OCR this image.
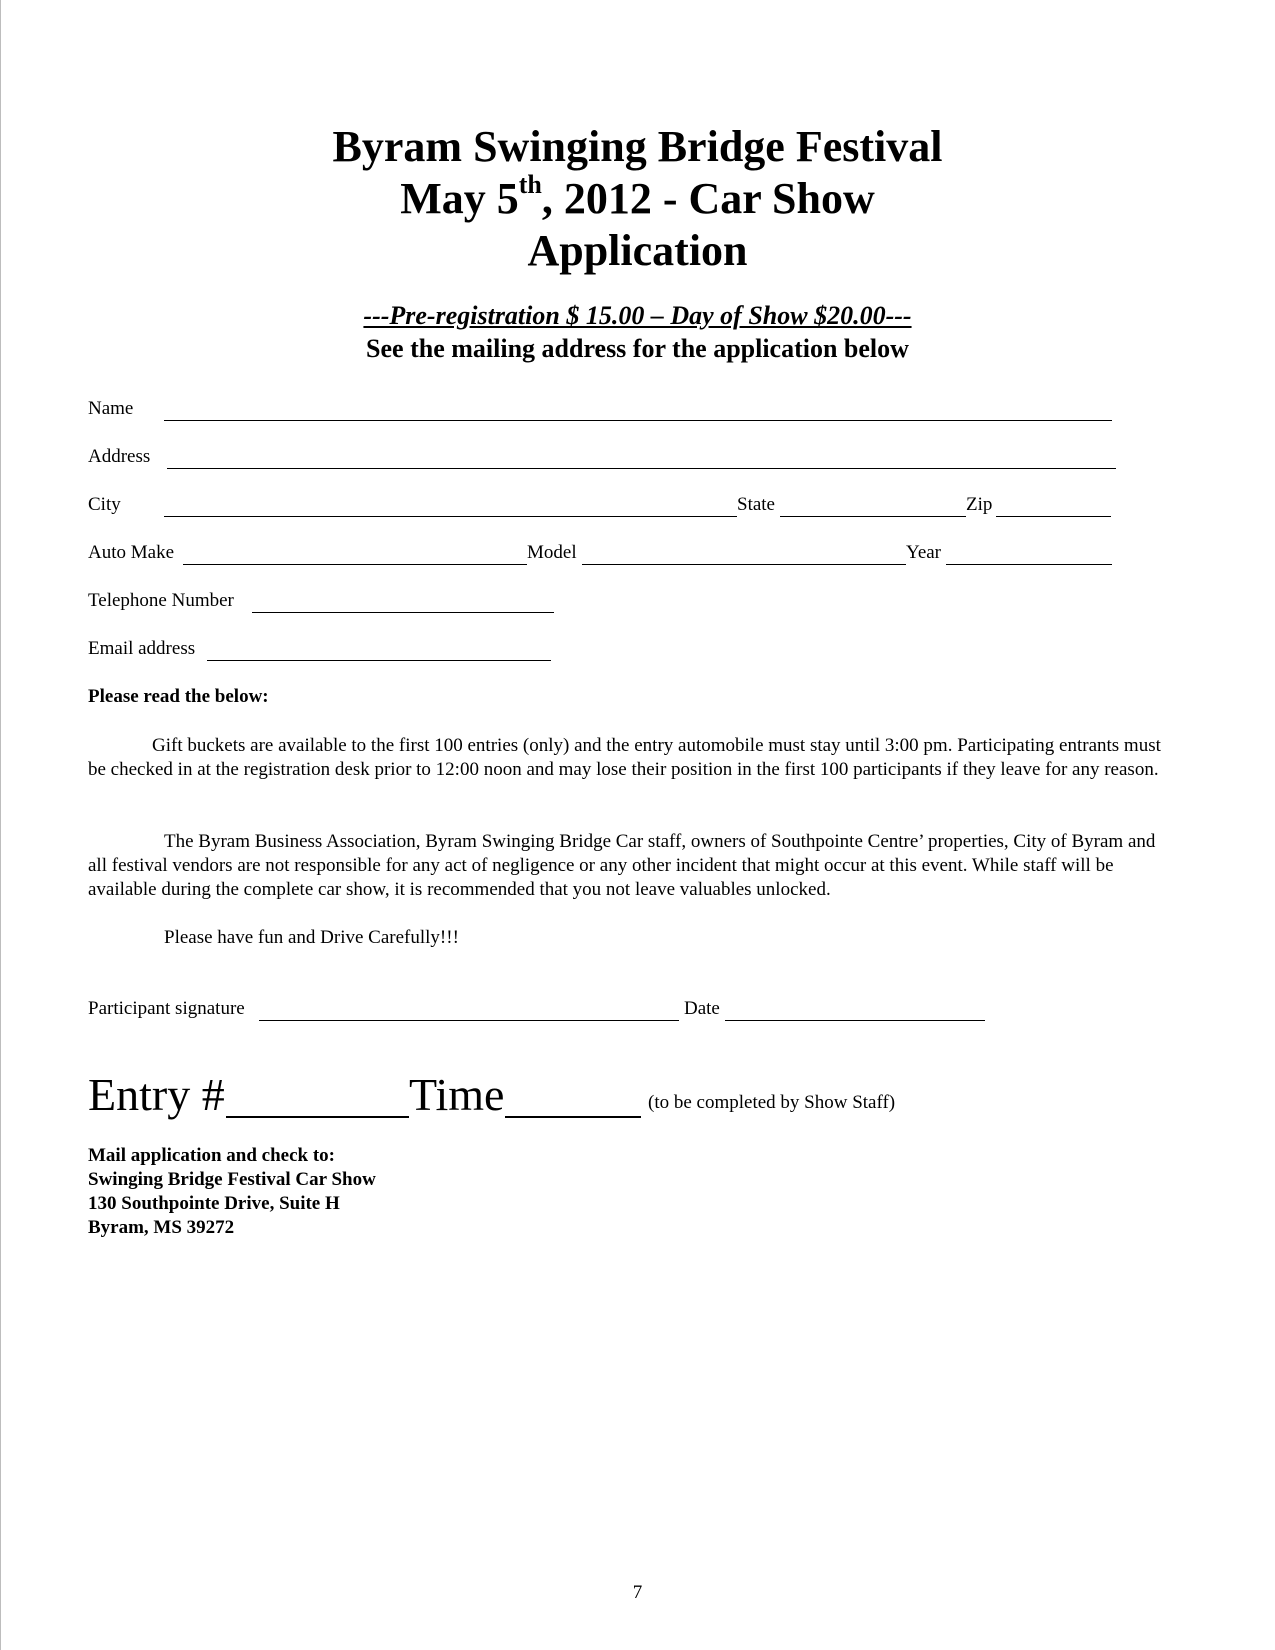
Byram Swinging Bridge Festival
May 5th, 2012 - Car Show
Application
---Pre-registration $ 15.00 – Day of Show $20.00---
See the mailing address for the application below
Name
Address
City	State	Zip
Auto Make	Model	Year
Telephone Number
Email address
Please read the below:
Gift buckets are available to the first 100 entries (only) and the entry automobile must stay until 3:00 pm. Participating entrants must be checked in at the registration desk prior to 12:00 noon and may lose their position in the first 100 participants if they leave for any reason.
The Byram Business Association, Byram Swinging Bridge Car staff, owners of Southpointe Centre’ properties, City of Byram and all festival vendors are not responsible for any act of negligence or any other incident that might occur at this event. While staff will be available during the complete car show, it is recommended that you not leave valuables unlocked.
Please have fun and Drive Carefully!!!
Participant signature	Date
Entry #	Time	(to be completed by Show Staff)
Mail application and check to:
Swinging Bridge Festival Car Show
130 Southpointe Drive, Suite H
Byram, MS 39272
7
